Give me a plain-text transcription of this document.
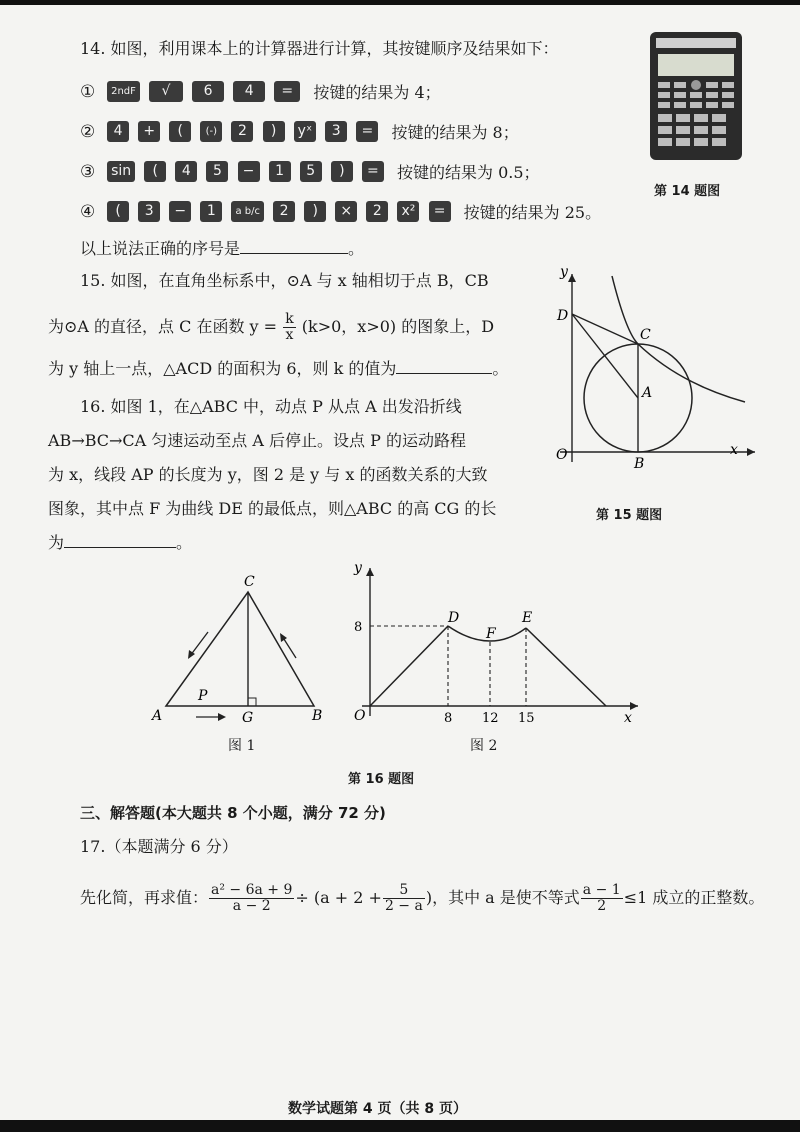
14. 如图，利用课本上的计算器进行计算，其按键顺序及结果如下：
① 2ndF √ 6 4 = 按键的结果为 4；
② 4 + ( (-) 2 ) yˣ 3 = 按键的结果为 8；
③ sin ( 4 5 − 1 5 ) = 按键的结果为 0.5；
④ ( 3 − 1 a b/c 2 ) × 2 x² = 按键的结果为 25。
以上说法正确的序号是	。
第 14 题图
15. 如图，在直角坐标系中，⊙A 与 x 轴相切于点 B，CB
为⊙A 的直径，点 C 在函数 $y = \frac{k}{x} (k>0$，x>0) 的图象上，D
为 y 轴上一点，△ACD 的面积为 6，则 k 的值为	。
y
x
O
D
C
A
B
第 15 题图
16. 如图 1，在△ABC 中，动点 P 从点 A 出发沿折线
AB→BC→CA 匀速运动至点 A 后停止。设点 P 的运动路程
为 x，线段 AP 的长度为 y，图 2 是 y 与 x 的函数关系的大致
图象，其中点 F 为曲线 DE 的最低点，则△ABC 的高 CG 的长
为	。
C
A	G	B
P
图 1
y
x
O
8
8 12 15
D
F
E
图 2
第 16 题图
三、解答题(本大题共 8 个小题，满分 72 分)
17.（本题满分 6 分）
先化简，再求值： $\frac{\text{a² − 6a + 9}}{a - 2} \div (a + 2 + \frac{5}{2 - a}$ )，其中 a 是使不等式 $\frac{a - 1}{2} \le 1$ 成立的正整数。
数学试题第 4 页（共 8 页）
